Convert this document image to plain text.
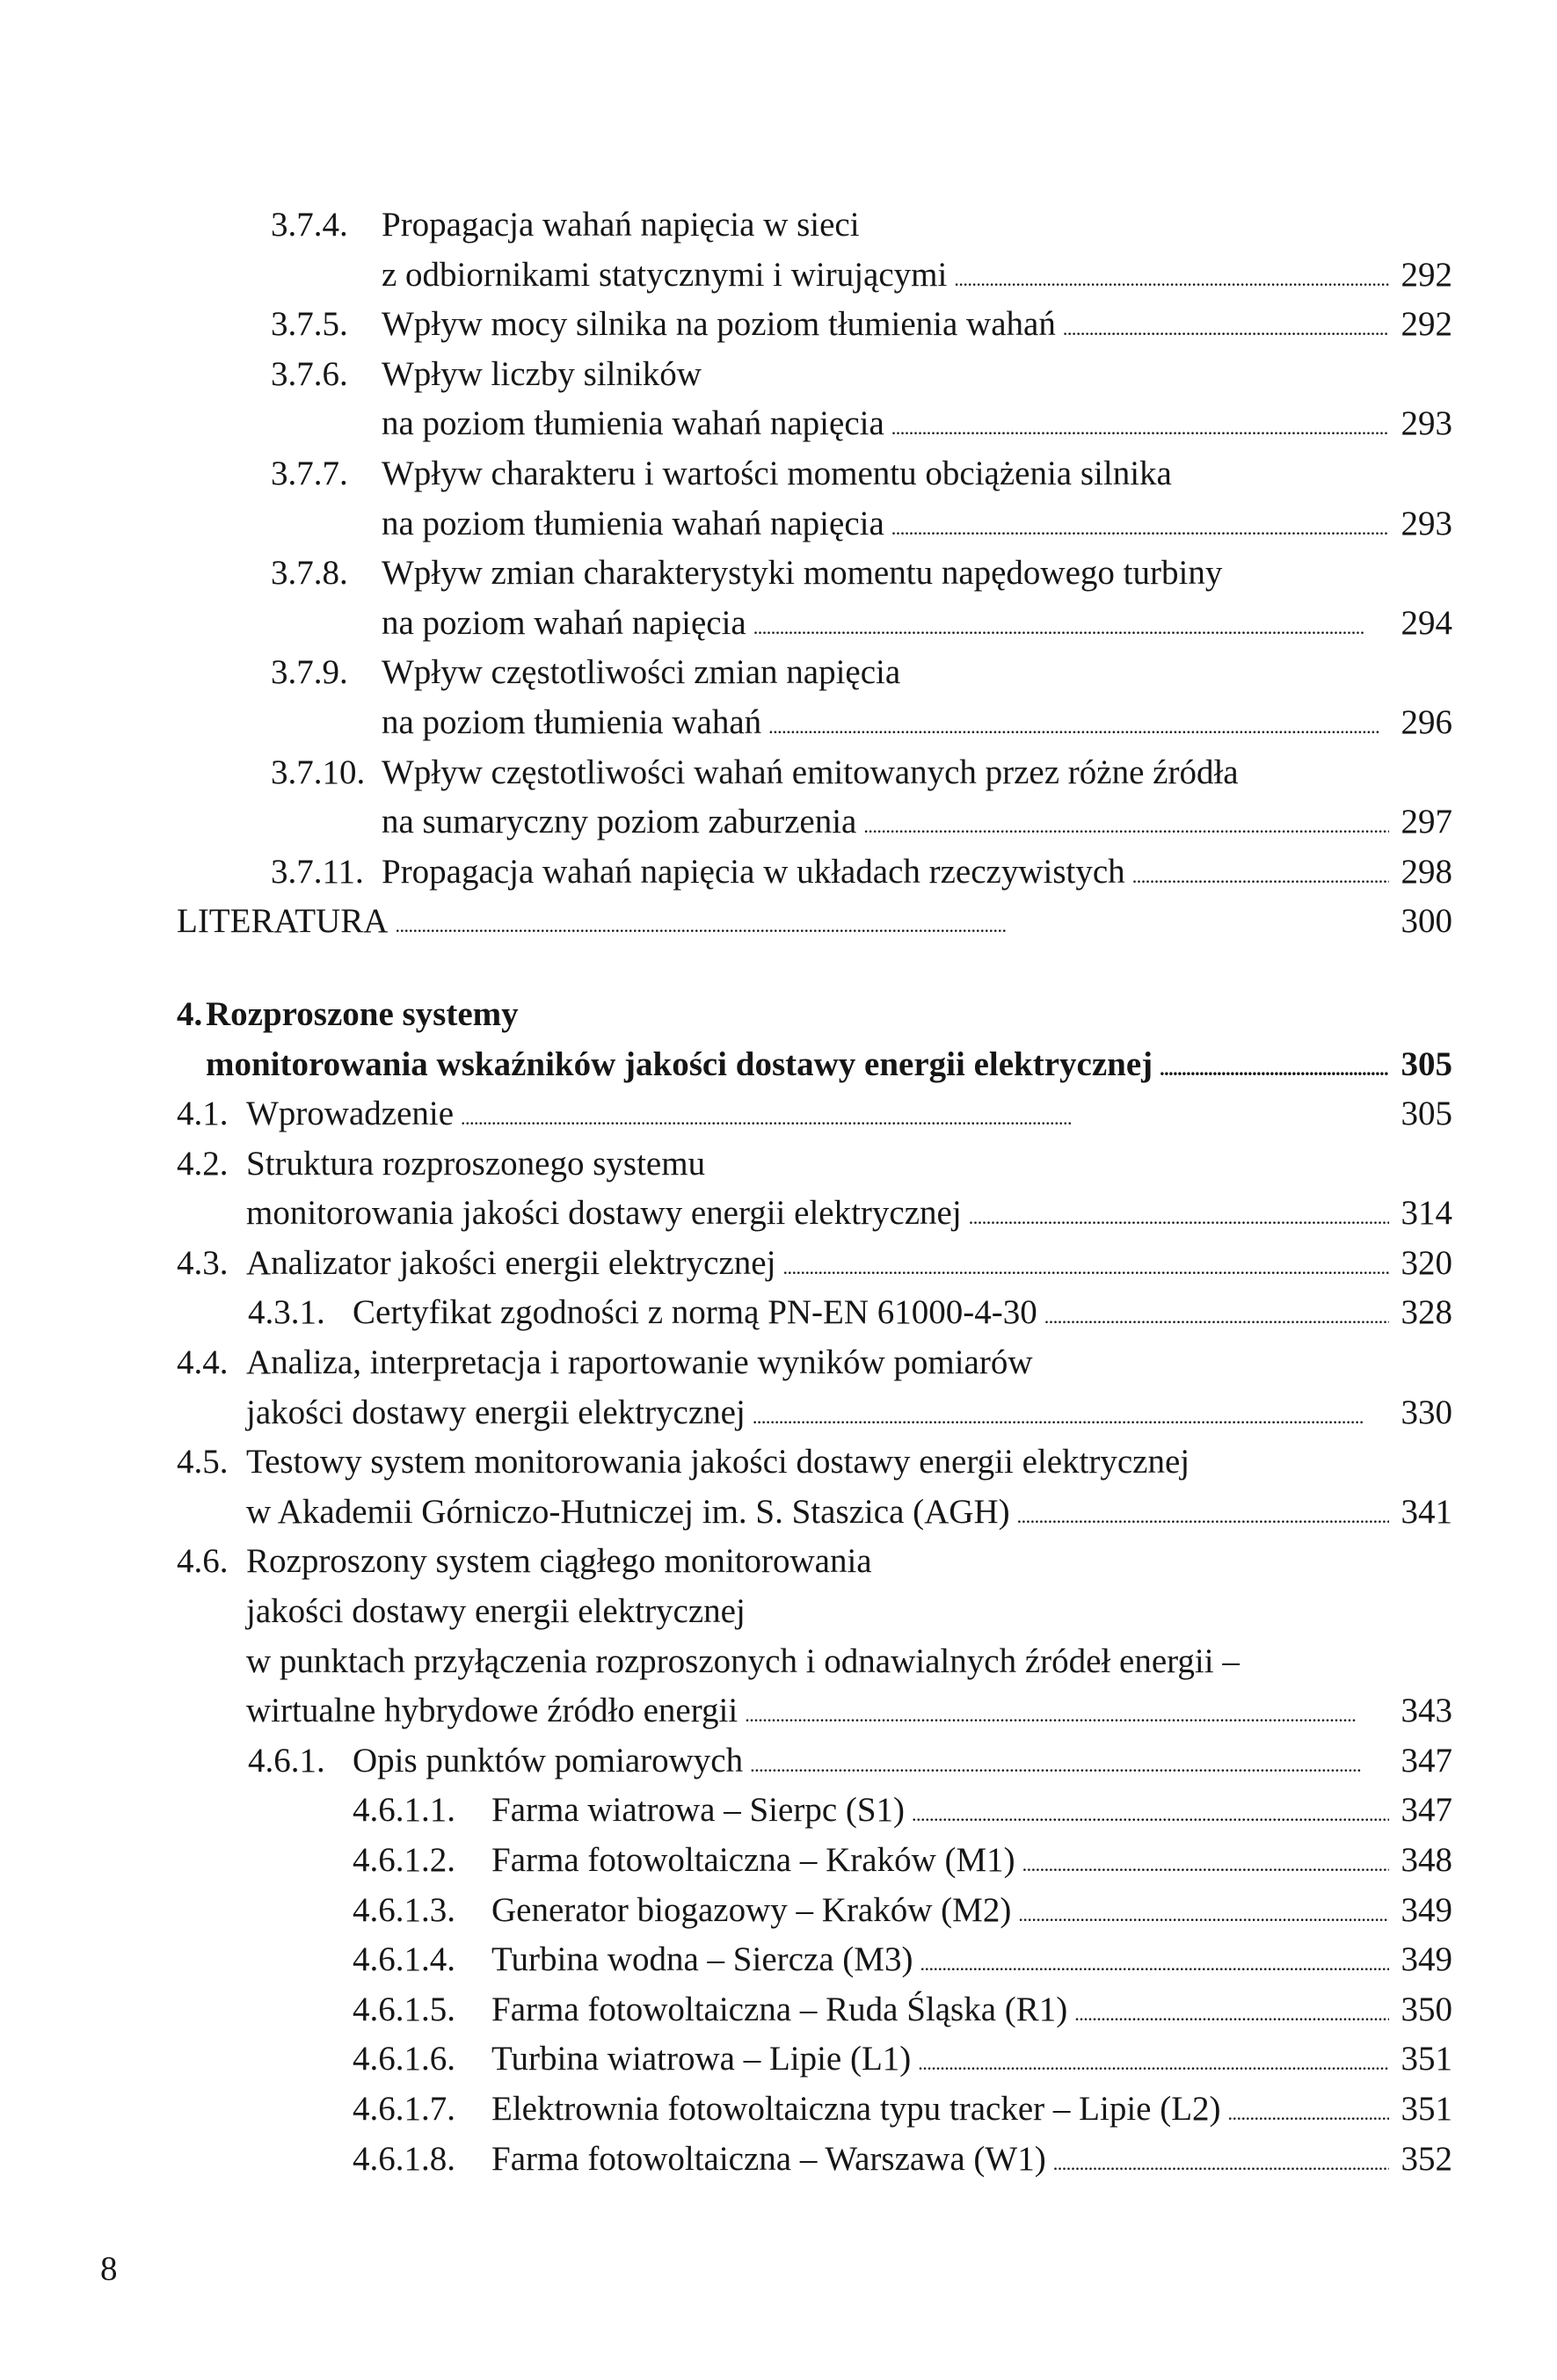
3.7.4. Propagacja wahań napięcia w sieci
z odbiornikami statycznymi i wirującymi . . .	292
3.7.5. Wpływ mocy silnika na poziom tłumienia wahań . . .	292
3.7.6. Wpływ liczby silników
na poziom tłumienia wahań napięcia . . .	293
3.7.7. Wpływ charakteru i wartości momentu obciążenia silnika
na poziom tłumienia wahań napięcia . . .	293
3.7.8. Wpływ zmian charakterystyki momentu napędowego turbiny
na poziom wahań napięcia . . .	294
3.7.9. Wpływ częstotliwości zmian napięcia
na poziom tłumienia wahań . . .	296
3.7.10. Wpływ częstotliwości wahań emitowanych przez różne źródła
na sumaryczny poziom zaburzenia . . .	297
3.7.11. Propagacja wahań napięcia w układach rzeczywistych . . .	298
LITERATURA . . .	300
4. Rozproszone systemy
monitorowania wskaźników jakości dostawy energii elektrycznej . . .	305
4.1. Wprowadzenie . . .	305
4.2. Struktura rozproszonego systemu
monitorowania jakości dostawy energii elektrycznej . . .	314
4.3. Analizator jakości energii elektrycznej . . .	320
4.3.1. Certyfikat zgodności z normą PN-EN 61000-4-30 . . .	328
4.4. Analiza, interpretacja i raportowanie wyników pomiarów
jakości dostawy energii elektrycznej . . .	330
4.5. Testowy system monitorowania jakości dostawy energii elektrycznej
w Akademii Górniczo-Hutniczej im. S. Staszica (AGH) . . .	341
4.6. Rozproszony system ciągłego monitorowania
jakości dostawy energii elektrycznej
w punktach przyłączenia rozproszonych i odnawialnych źródeł energii –
wirtualne hybrydowe źródło energii . . .	343
4.6.1. Opis punktów pomiarowych . . .	347
4.6.1.1. Farma wiatrowa – Sierpc (S1) . . .	347
4.6.1.2. Farma fotowoltaiczna – Kraków (M1) . . .	348
4.6.1.3. Generator biogazowy – Kraków (M2) . . .	349
4.6.1.4. Turbina wodna – Siercza (M3) . . .	349
4.6.1.5. Farma fotowoltaiczna – Ruda Śląska (R1) . . .	350
4.6.1.6. Turbina wiatrowa – Lipie (L1) . . .	351
4.6.1.7. Elektrownia fotowoltaiczna typu tracker – Lipie (L2) . . .	351
4.6.1.8. Farma fotowoltaiczna – Warszawa (W1) . . .	352
8
